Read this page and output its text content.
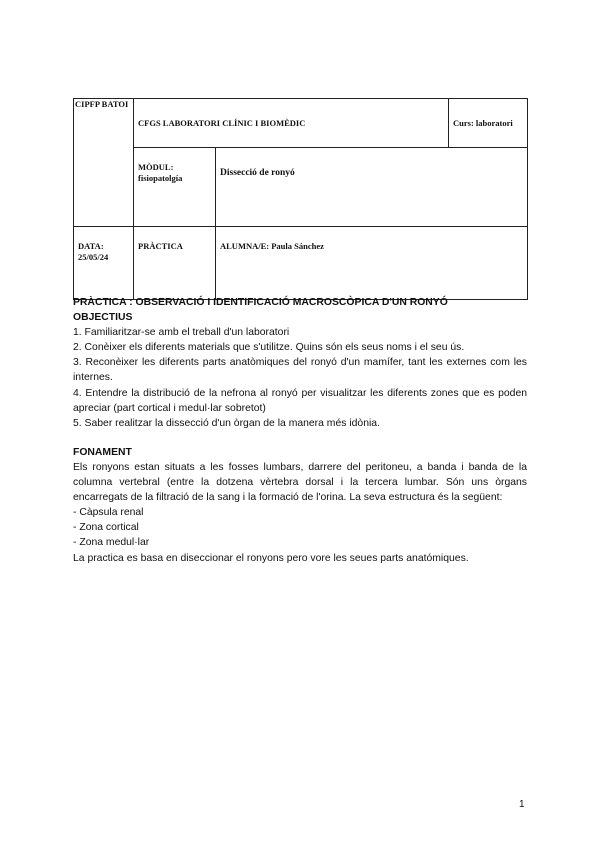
CIPFP BATOI	CFGS LABORATORI CLÍNIC I BIOMÈDIC		Curs: laboratori

	MÒDUL:
fisiopatolgía	Dissecció de ronyó	

DATA:
25/05/24	PRÀCTICA	ALUMNA/E: Paula Sánchez	

PRÀCTICA : OBSERVACIÓ I IDENTIFICACIÓ MACROSCÒPICA D'UN RONYÓ

OBJECTIUS

1. Familiaritzar-se amb el treball d'un laboratori

2. Conèixer els diferents materials que s'utilitze. Quins són els seus noms i el seu ús.

3. Reconèixer les diferents parts anatòmiques del ronyó d'un mamífer, tant les externes com les internes.

4. Entendre la distribució de la nefrona al ronyó per visualitzar les diferents zones que es poden apreciar (part cortical i medul·lar sobretot)

5. Saber realitzar la dissecció d'un òrgan de la manera més idònia.

FONAMENT

Els ronyons estan situats a les fosses lumbars, darrere del peritoneu, a banda i banda de la columna vertebral (entre la dotzena vèrtebra dorsal i la tercera lumbar. Són uns òrgans encarregats de la filtració de la sang i la formació de l'orina. La seva estructura és la següent:

- Càpsula renal

- Zona cortical

- Zona medul·lar

La practica es basa en diseccionar el ronyons pero vore les seues parts anatómiques.

1
